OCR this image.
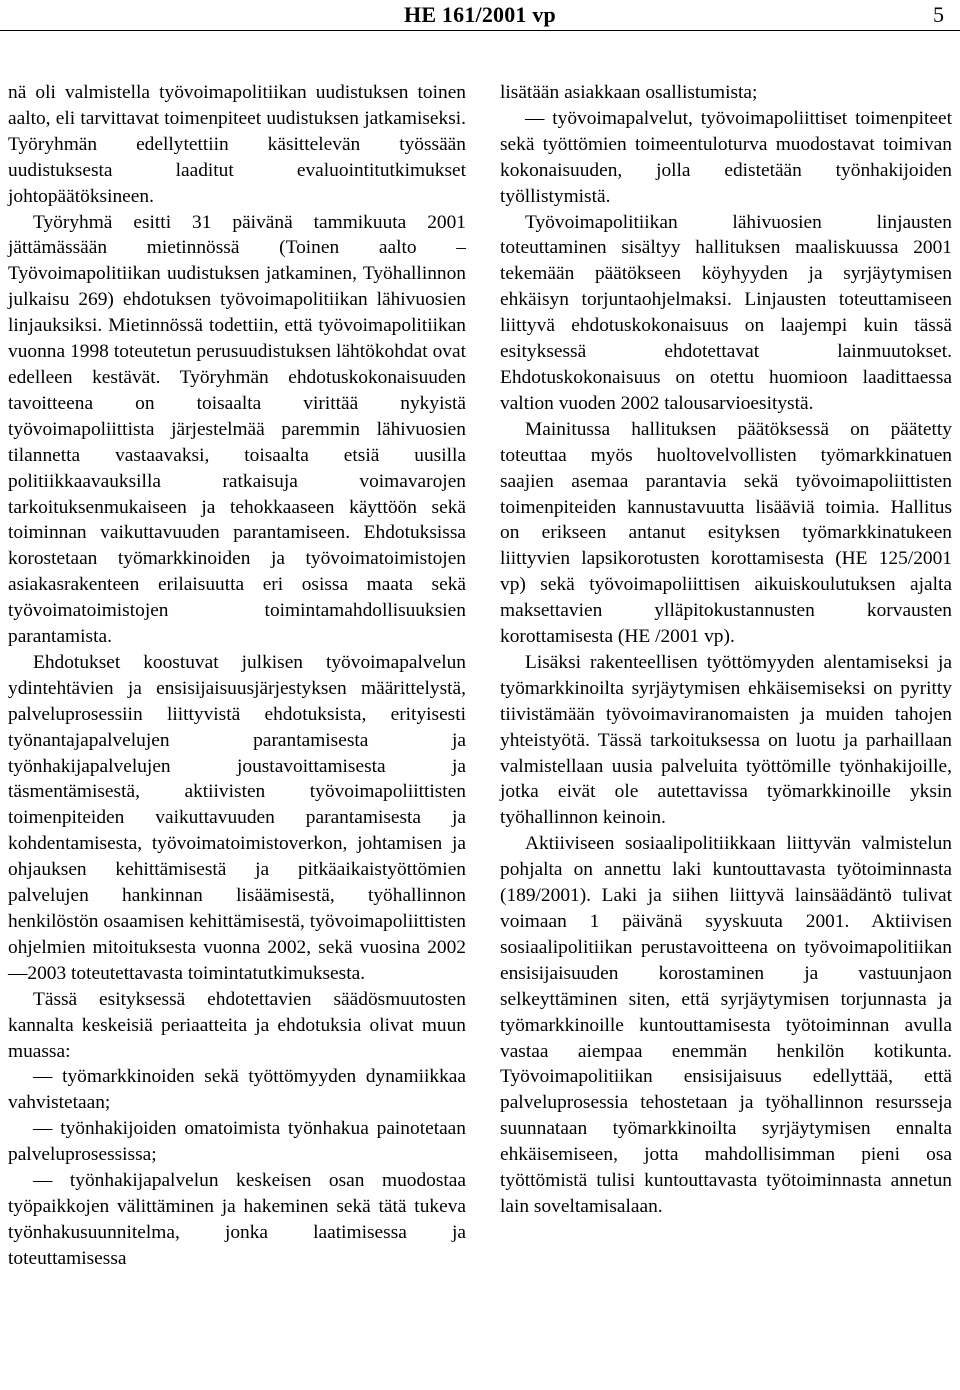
HE 161/2001 vp	5

nä oli valmistella työvoimapolitiikan uudistuksen toinen aalto, eli tarvittavat toimenpiteet uudistuksen jatkamiseksi. Työryhmän edellytettiin käsittelevän työssään uudistuksesta laaditut evaluointitutkimukset johtopäätöksineen.

Työryhmä esitti 31 päivänä tammikuuta 2001 jättämässään mietinnössä (Toinen aalto – Työvoimapolitiikan uudistuksen jatkaminen, Työhallinnon julkaisu 269) ehdotuksen työvoimapolitiikan lähivuosien linjauksiksi. Mietinnössä todettiin, että työvoimapolitiikan vuonna 1998 toteutetun perusuudistuksen lähtökohdat ovat edelleen kestävät. Työryhmän ehdotuskokonaisuuden tavoitteena on toisaalta virittää nykyistä työvoimapoliittista järjestelmää paremmin lähivuosien tilannetta vastaavaksi, toisaalta etsiä uusilla politiikkaavauksilla ratkaisuja voimavarojen tarkoituksenmukaiseen ja tehokkaaseen käyttöön sekä toiminnan vaikuttavuuden parantamiseen. Ehdotuksissa korostetaan työmarkkinoiden ja työvoimatoimistojen asiakasrakenteen erilaisuutta eri osissa maata sekä työvoimatoimistojen toimintamahdollisuuksien parantamista.

Ehdotukset koostuvat julkisen työvoimapalvelun ydintehtävien ja ensisijaisuusjärjestyksen määrittelystä, palveluprosessiin liittyvistä ehdotuksista, erityisesti työnantajapalvelujen parantamisesta ja työnhakijapalvelujen joustavoittamisesta ja täsmentämisestä, aktiivisten työvoimapoliittisten toimenpiteiden vaikuttavuuden parantamisesta ja kohdentamisesta, työvoimatoimistoverkon, johtamisen ja ohjauksen kehittämisestä ja pitkäaikaistyöttömien palvelujen hankinnan lisäämisestä, työhallinnon henkilöstön osaamisen kehittämisestä, työvoimapoliittisten ohjelmien mitoituksesta vuonna 2002, sekä vuosina 2002—2003 toteutettavasta toimintatutkimuksesta.

Tässä esityksessä ehdotettavien säädösmuutosten kannalta keskeisiä periaatteita ja ehdotuksia olivat muun muassa:

— työmarkkinoiden sekä työttömyyden dynamiikkaa vahvistetaan;

— työnhakijoiden omatoimista työnhakua painotetaan palveluprosessissa;

— työnhakijapalvelun keskeisen osan muodostaa työpaikkojen välittäminen ja hakeminen sekä tätä tukeva työnhakusuunnitelma, jonka laatimisessa ja toteuttamisessa

lisätään asiakkaan osallistumista;

— työvoimapalvelut, työvoimapoliittiset toimenpiteet sekä työttömien toimeentuloturva muodostavat toimivan kokonaisuuden, jolla edistetään työnhakijoiden työllistymistä.

Työvoimapolitiikan lähivuosien linjausten toteuttaminen sisältyy hallituksen maaliskuussa 2001 tekemään päätökseen köyhyyden ja syrjäytymisen ehkäisyn torjuntaohjelmaksi. Linjausten toteuttamiseen liittyvä ehdotuskokonaisuus on laajempi kuin tässä esityksessä ehdotettavat lainmuutokset. Ehdotuskokonaisuus on otettu huomioon laadittaessa valtion vuoden 2002 talousarvioesitystä.

Mainitussa hallituksen päätöksessä on päätetty toteuttaa myös huoltovelvollisten työmarkkinatuen saajien asemaa parantavia sekä työvoimapoliittisten toimenpiteiden kannustavuutta lisääviä toimia. Hallitus on erikseen antanut esityksen työmarkkinatukeen liittyvien lapsikorotusten korottamisesta (HE 125/2001 vp) sekä työvoimapoliittisen aikuiskoulutuksen ajalta maksettavien ylläpitokustannusten korvausten korottamisesta (HE /2001 vp).

Lisäksi rakenteellisen työttömyyden alentamiseksi ja työmarkkinoilta syrjäytymisen ehkäisemiseksi on pyritty tiivistämään työvoimaviranomaisten ja muiden tahojen yhteistyötä. Tässä tarkoituksessa on luotu ja parhaillaan valmistellaan uusia palveluita työttömille työnhakijoille, jotka eivät ole autettavissa työmarkkinoille yksin työhallinnon keinoin.

Aktiiviseen sosiaalipolitiikkaan liittyvän valmistelun pohjalta on annettu laki kuntouttavasta työtoiminnasta (189/2001). Laki ja siihen liittyvä lainsäädäntö tulivat voimaan 1 päivänä syyskuuta 2001. Aktiivisen sosiaalipolitiikan perustavoitteena on työvoimapolitiikan ensisijaisuuden korostaminen ja vastuunjaon selkeyttäminen siten, että syrjäytymisen torjunnasta ja työmarkkinoille kuntouttamisesta työtoiminnan avulla vastaa aiempaa enemmän henkilön kotikunta. Työvoimapolitiikan ensisijaisuus edellyttää, että palveluprosessia tehostetaan ja työhallinnon resursseja suunnataan työmarkkinoilta syrjäytymisen ennalta ehkäisemiseen, jotta mahdollisimman pieni osa työttömistä tulisi kuntouttavasta työtoiminnasta annetun lain soveltamisalaan.
